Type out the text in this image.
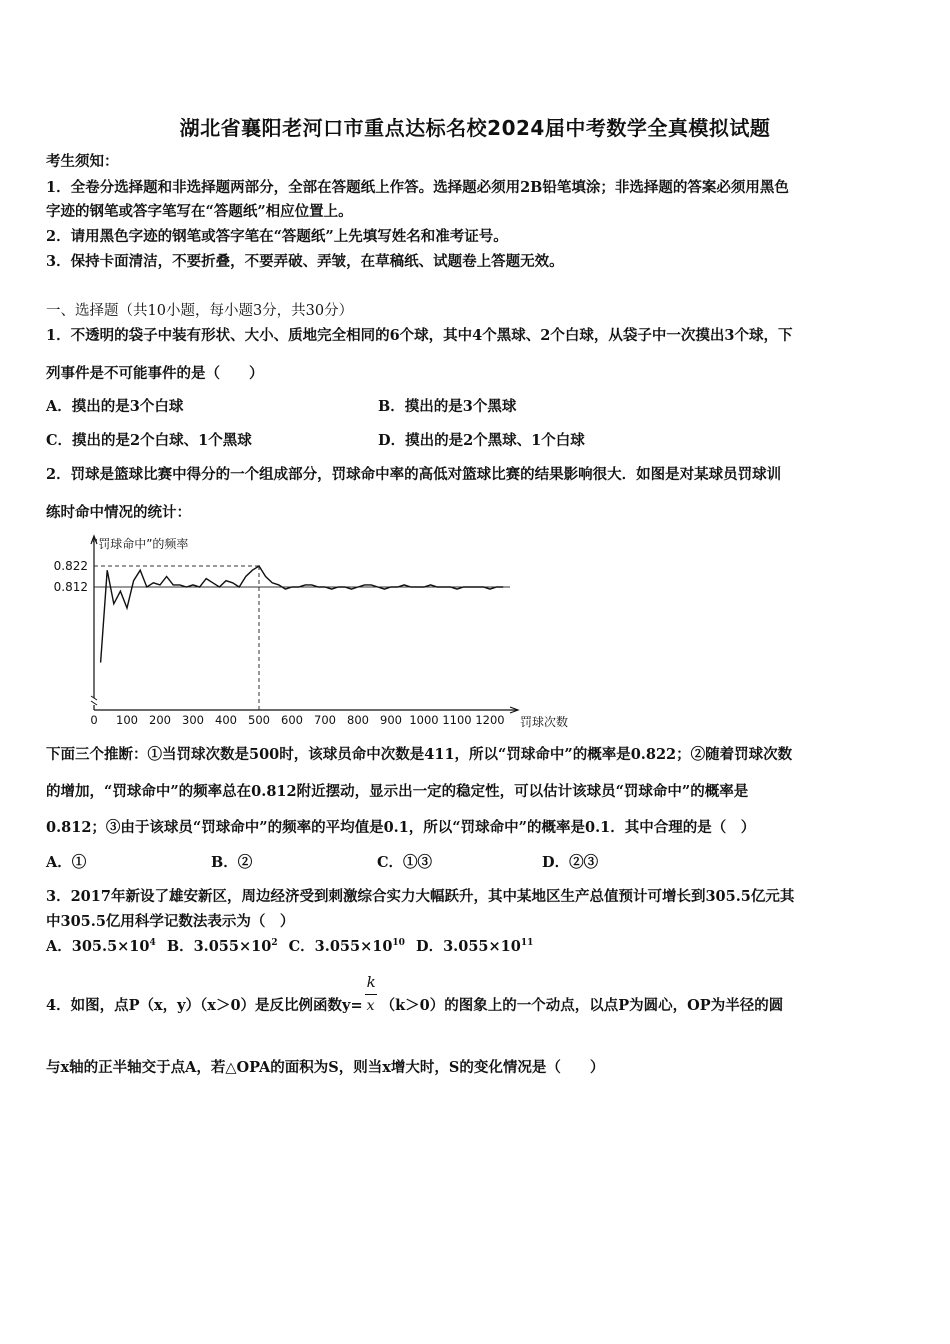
湖北省襄阳老河口市重点达标名校2024届中考数学全真模拟试题
考生须知：
1．全卷分选择题和非选择题两部分，全部在答题纸上作答。选择题必须用2B铅笔填涂；非选择题的答案必须用黑色
字迹的钢笔或答字笔写在“答题纸”相应位置上。
2．请用黑色字迹的钢笔或答字笔在“答题纸”上先填写姓名和准考证号。
3．保持卡面清洁，不要折叠，不要弄破、弄皱，在草稿纸、试题卷上答题无效。
一、选择题（共10小题，每小题3分，共30分）
1．不透明的袋子中装有形状、大小、质地完全相同的6个球，其中4个黑球、2个白球，从袋子中一次摸出3个球，下
列事件是不可能事件的是（　　）
A．摸出的是3个白球	B．摸出的是3个黑球
C．摸出的是2个白球、1个黑球	D．摸出的是2个黑球、1个白球
2．罚球是篮球比赛中得分的一个组成部分，罚球命中率的高低对篮球比赛的结果影响很大．如图是对某球员罚球训
练时命中情况的统计：
0.822
0.812
0 100 200 300 400 500 600 700 800 900 1000 1100 1200
“罚球命中”的频率
罚球次数
下面三个推断：①当罚球次数是500时，该球员命中次数是411，所以“罚球命中”的概率是0.822；②随着罚球次数
的增加，“罚球命中”的频率总在0.812附近摆动，显示出一定的稳定性，可以估计该球员“罚球命中”的概率是
0.812；③由于该球员“罚球命中”的频率的平均值是0.1，所以“罚球命中”的概率是0.1．其中合理的是（　）
A．①	B．②	C．①③	D．②③
3．2017年新设了雄安新区，周边经济受到刺激综合实力大幅跃升，其中某地区生产总值预计可增长到305.5亿元其
中305.5亿用科学记数法表示为（　）
A．$305.5\times 10^4$ B．$3.055\times 10^2$ C．$3.055\times 10^{10}$ D．$3.055\times 10^{11}$
4．如图，点P（x，y）（x＞0）是反比例函数$y= \frac{k}{x} (k>0)$的图象上的一个动点，以点P为圆心，OP为半径的圆
与x轴的正半轴交于点A，若△OPA的面积为S，则当x增大时，S的变化情况是（　　）
